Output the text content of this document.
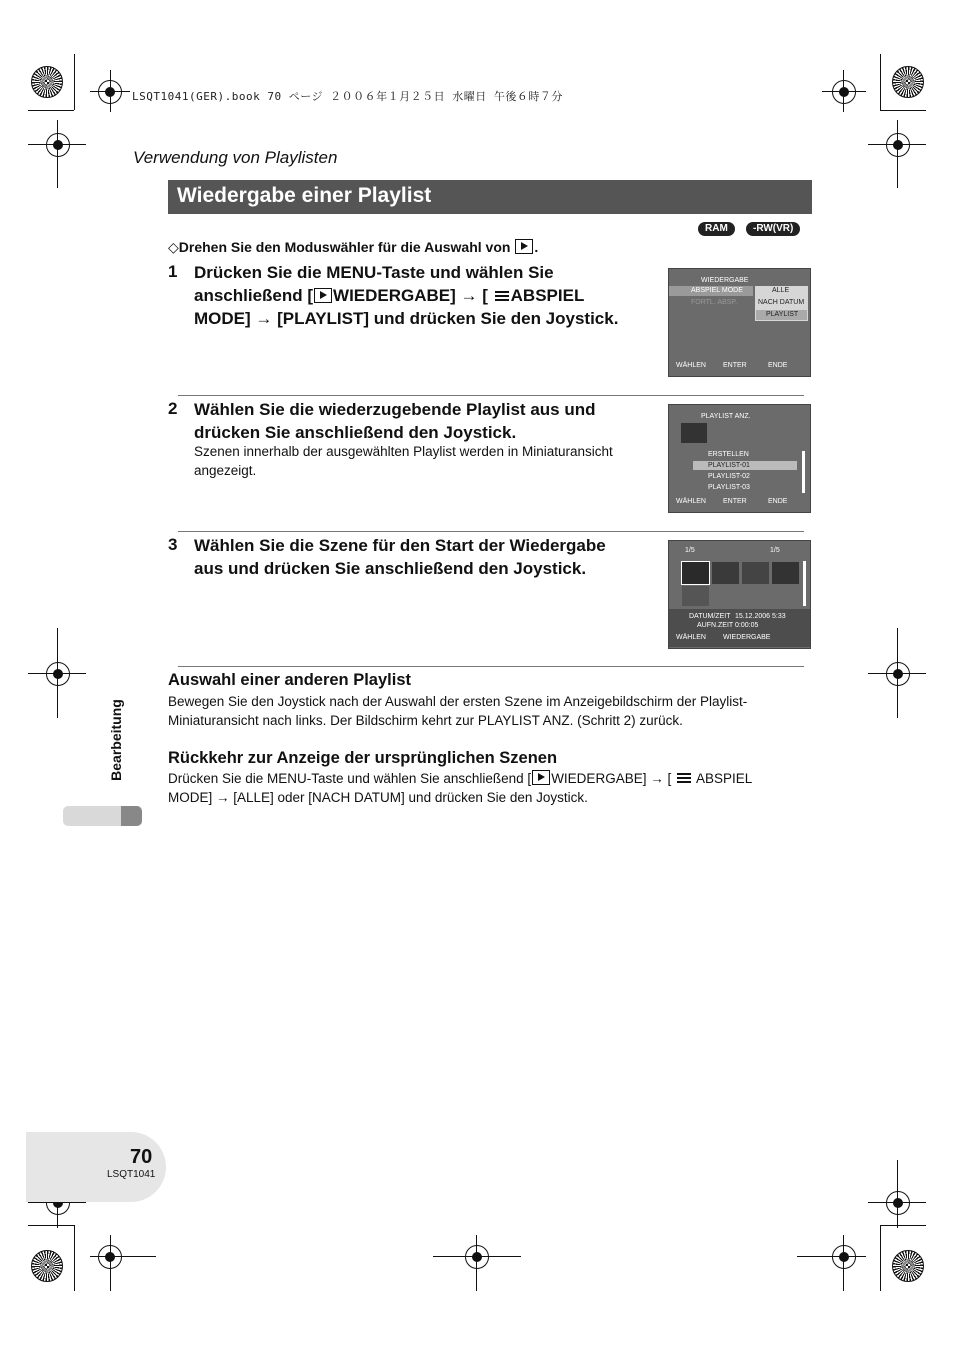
LSQT1041(GER).book 70 ページ ２００６年１月２５日 水曜日 午後６時７分
Verwendung von Playlisten
Wiedergabe einer Playlist
RAM	-RW(VR)
◇Drehen Sie den Moduswähler für die Auswahl von .
1 Drücken Sie die MENU-Taste und wählen Sie
anschließend [ WIEDERGABE] → [ ABSPIEL
MODE] → [PLAYLIST] und drücken Sie den Joystick.
WIEDERGABE
ABSPIEL MODE
FORTL. ABSP.
ALLE
NACH DATUM
PLAYLIST
WÄHLEN ENTER	ENDE
2 Wählen Sie die wiederzugebende Playlist aus und
drücken Sie anschließend den Joystick.
Szenen innerhalb der ausgewählten Playlist werden in Miniaturansicht angezeigt.
PLAYLIST ANZ.
ERSTELLEN
PLAYLIST-01
PLAYLIST-02
PLAYLIST-03
WÄHLEN ENTER	ENDE
3 Wählen Sie die Szene für den Start der Wiedergabe
aus und drücken Sie anschließend den Joystick.
1/5	1/5
DATUM/ZEIT 15.12.2006 5:33
AUFN.ZEIT 0:00:05
WÄHLEN WIEDERGABE
Auswahl einer anderen Playlist
Bewegen Sie den Joystick nach der Auswahl der ersten Szene im Anzeigebildschirm der Playlist-
Miniaturansicht nach links. Der Bildschirm kehrt zur PLAYLIST ANZ. (Schritt 2) zurück.
Rückkehr zur Anzeige der ursprünglichen Szenen
Drücken Sie die MENU-Taste und wählen Sie anschließend [ WIEDERGABE] → [ ABSPIEL
MODE] → [ALLE] oder [NACH DATUM] und drücken Sie den Joystick.
Bearbeitung
70
LSQT1041
